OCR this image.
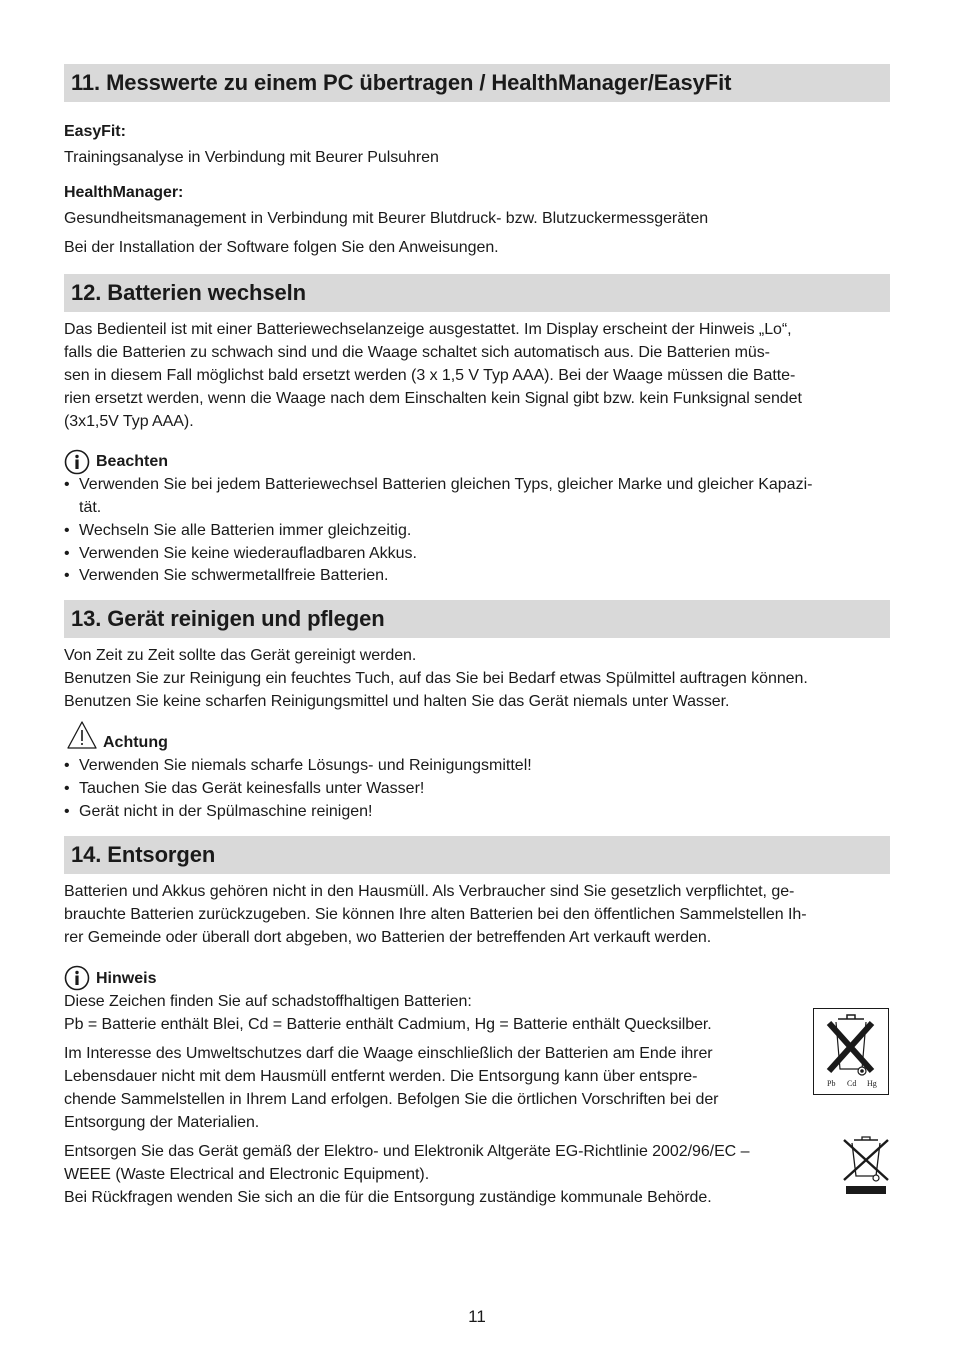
11. Messwerte zu einem PC übertragen / HealthManager/EasyFit
EasyFit:
Trainingsanalyse in Verbindung mit Beurer Pulsuhren
HealthManager:
Gesundheitsmanagement in Verbindung mit Beurer Blutdruck- bzw. Blutzuckermessgeräten
Bei der Installation der Software folgen Sie den Anweisungen.
12. Batterien wechseln
Das Bedienteil ist mit einer Batteriewechselanzeige ausgestattet. Im Display erscheint der Hinweis „Lo“,
falls die Batterien zu schwach sind und die Waage schaltet sich automatisch aus. Die Batterien müs-
sen in diesem Fall möglichst bald ersetzt werden (3 x 1,5 V Typ AAA). Bei der Waage müssen die Batte-
rien ersetzt werden, wenn die Waage nach dem Einschalten kein Signal gibt bzw. kein Funksignal sendet
(3x1,5V Typ AAA).
Beachten
• Verwenden Sie bei jedem Batteriewechsel Batterien gleichen Typs, gleicher Marke und gleicher Kapazi-
tät.
• Wechseln Sie alle Batterien immer gleichzeitig.
• Verwenden Sie keine wiederaufladbaren Akkus.
• Verwenden Sie schwermetallfreie Batterien.
13. Gerät reinigen und pflegen
Von Zeit zu Zeit sollte das Gerät gereinigt werden.
Benutzen Sie zur Reinigung ein feuchtes Tuch, auf das Sie bei Bedarf etwas Spülmittel auftragen können.
Benutzen Sie keine scharfen Reinigungsmittel und halten Sie das Gerät niemals unter Wasser.
Achtung
• Verwenden Sie niemals scharfe Lösungs- und Reinigungsmittel!
• Tauchen Sie das Gerät keinesfalls unter Wasser!
• Gerät nicht in der Spülmaschine reinigen!
14. Entsorgen
Batterien und Akkus gehören nicht in den Hausmüll. Als Verbraucher sind Sie gesetzlich verpflichtet, ge-
brauchte Batterien zurückzugeben. Sie können Ihre alten Batterien bei den öffentlichen Sammelstellen Ih-
rer Gemeinde oder überall dort abgeben, wo Batterien der betreffenden Art verkauft werden.
Hinweis
Diese Zeichen finden Sie auf schadstoffhaltigen Batterien:
Pb = Batterie enthält Blei, Cd = Batterie enthält Cadmium, Hg = Batterie enthält Quecksilber.
Im Interesse des Umweltschutzes darf die Waage einschließlich der Batterien am Ende ihrer
Lebensdauer nicht mit dem Hausmüll entfernt werden. Die Entsorgung kann über entspre-
chende Sammelstellen in Ihrem Land erfolgen. Befolgen Sie die örtlichen Vorschriften bei der
Entsorgung der Materialien.
Pb Cd Hg
Entsorgen Sie das Gerät gemäß der Elektro- und Elektronik Altgeräte EG-Richtlinie 2002/96/EC –
WEEE (Waste Electrical and Electronic Equipment).
Bei Rückfragen wenden Sie sich an die für die Entsorgung zuständige kommunale Behörde.
11
